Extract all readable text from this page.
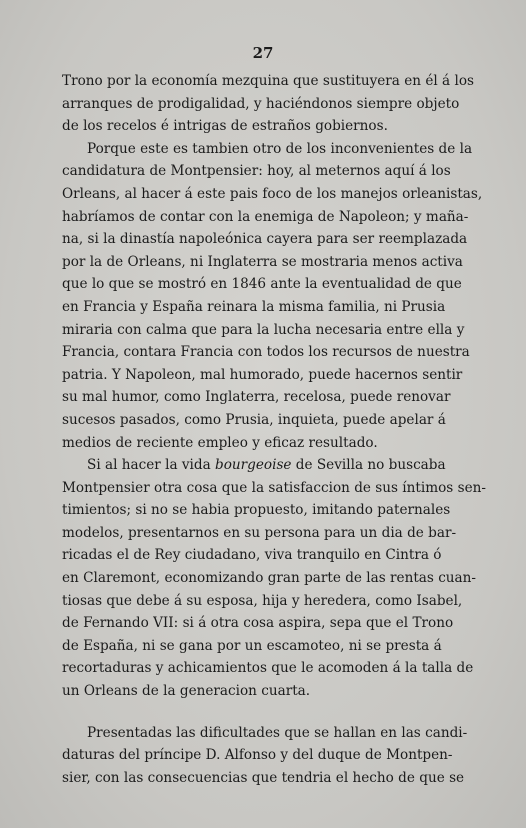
27
Trono por la economía mezquina que sustituyera en él á los
arranques de prodigalidad, y haciéndonos siempre objeto
de los recelos é intrigas de estraños gobiernos.
Porque este es tambien otro de los inconvenientes de la
candidatura de Montpensier: hoy, al meternos aquí á los
Orleans, al hacer á este pais foco de los manejos orleanistas,
habríamos de contar con la enemiga de Napoleon; y maña-
na, si la dinastía napoleónica cayera para ser reemplazada
por la de Orleans, ni Inglaterra se mostraria menos activa
que lo que se mostró en 1846 ante la eventualidad de que
en Francia y España reinara la misma familia, ni Prusia
miraria con calma que para la lucha necesaria entre ella y
Francia, contara Francia con todos los recursos de nuestra
patria. Y Napoleon, mal humorado, puede hacernos sentir
su mal humor, como Inglaterra, recelosa, puede renovar
sucesos pasados, como Prusia, inquieta, puede apelar á
medios de reciente empleo y eficaz resultado.
Si al hacer la vida bourgeoise de Sevilla no buscaba
Montpensier otra cosa que la satisfaccion de sus íntimos sen-
timientos; si no se habia propuesto, imitando paternales
modelos, presentarnos en su persona para un dia de bar-
ricadas el de Rey ciudadano, viva tranquilo en Cintra ó
en Claremont, economizando gran parte de las rentas cuan-
tiosas que debe á su esposa, hija y heredera, como Isabel,
de Fernando VII: si á otra cosa aspira, sepa que el Trono
de España, ni se gana por un escamoteo, ni se presta á
recortaduras y achicamientos que le acomoden á la talla de
un Orleans de la generacion cuarta.
Presentadas las dificultades que se hallan en las candi-
daturas del príncipe D. Alfonso y del duque de Montpen-
sier, con las consecuencias que tendria el hecho de que se
